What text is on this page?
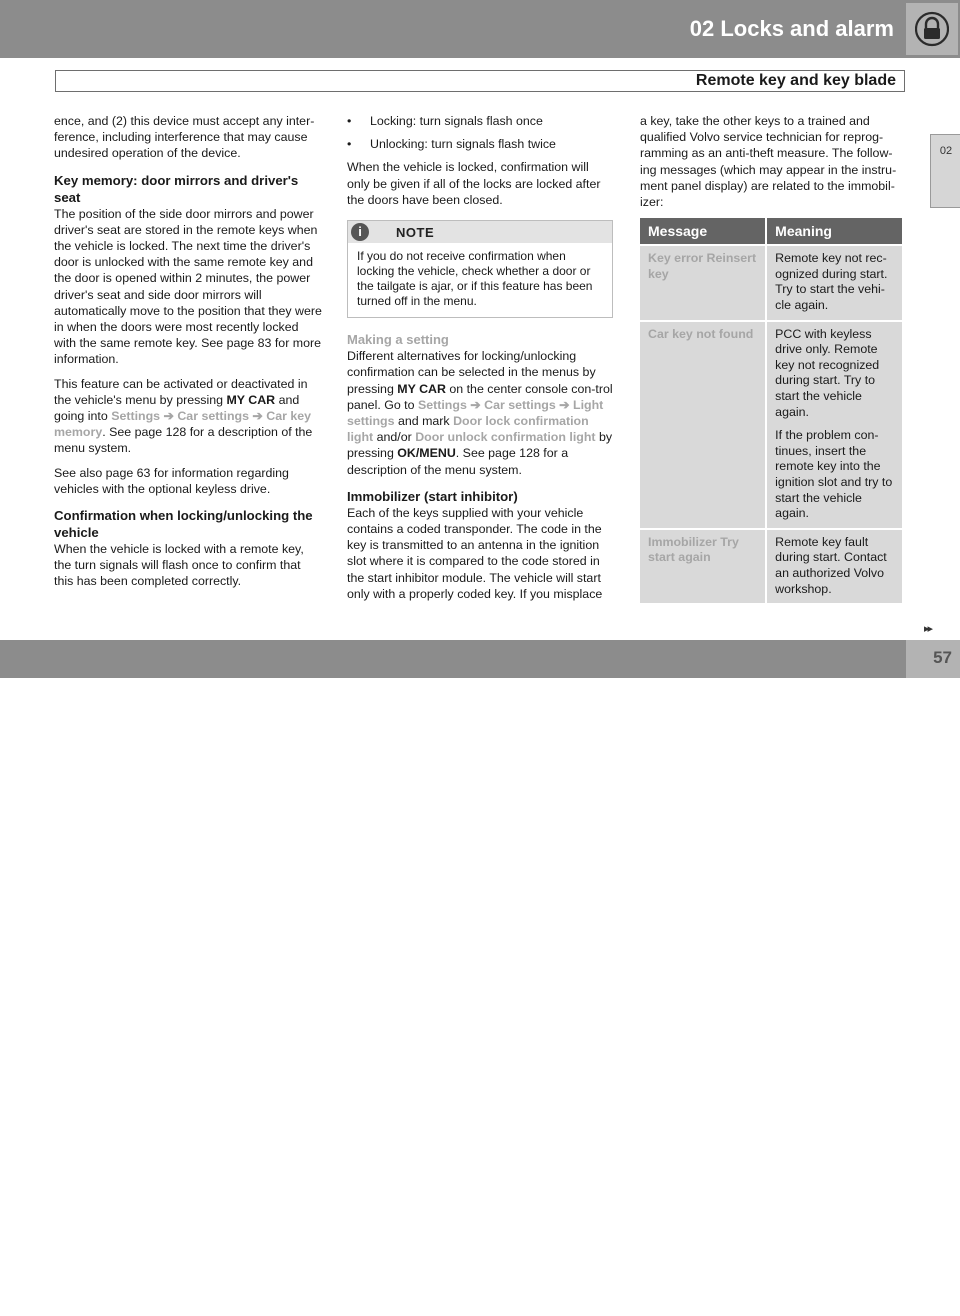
02 Locks and alarm
Remote key and key blade
02

ence, and (2) this device must accept any inter-ference, including interference that may cause undesired operation of the device.

Key memory: door mirrors and driver's seat

The position of the side door mirrors and power driver's seat are stored in the remote keys when the vehicle is locked. The next time the driver's door is unlocked with the same remote key and the door is opened within 2 minutes, the power driver's seat and side door mirrors will automatically move to the position that they were in when the doors were most recently locked with the same remote key. See page 83 for more information.

This feature can be activated or deactivated in the vehicle's menu by pressing MY CAR and going into Settings ➔ Car settings ➔ Car key memory. See page 128 for a description of the menu system.

See also page 63 for information regarding vehicles with the optional keyless drive.

Confirmation when locking/unlocking the vehicle

When the vehicle is locked with a remote key, the turn signals will flash once to confirm that this has been completed correctly.

•	Locking: turn signals flash once
•	Unlocking: turn signals flash twice

When the vehicle is locked, confirmation will only be given if all of the locks are locked after the doors have been closed.

i	NOTE
If you do not receive confirmation when locking the vehicle, check whether a door or the tailgate is ajar, or if this feature has been turned off in the menu.
Making a setting

Different alternatives for locking/unlocking confirmation can be selected in the menus by pressing MY CAR on the center console con-trol panel. Go to Settings ➔ Car settings ➔ Light settings and mark Door lock confirmation light and/or Door unlock confirmation light by pressing OK/MENU. See page 128 for a description of the menu system.

Immobilizer (start inhibitor)

Each of the keys supplied with your vehicle contains a coded transponder. The code in the key is transmitted to an antenna in the ignition slot where it is compared to the code stored in the start inhibitor module. The vehicle will start only with a properly coded key. If you misplace

a key, take the other keys to a trained and qualified Volvo service technician for reprog-ramming as an anti-theft measure. The follow-ing messages (which may appear in the instru-ment panel display) are related to the immobil-izer:

Message	Meaning
Key error Reinsert key	Remote key not rec-ognized during start. Try to start the vehi-cle again.

Car key not found	PCC with keyless drive only. Remote key not recognized during start. Try to start the vehicle again.

If the problem con-tinues, insert the remote key into the ignition slot and try to start the vehicle again.

Immobilizer Try start again	Remote key fault during start. Contact an authorized Volvo workshop.

▸▸
carmanualsonline.info
57
